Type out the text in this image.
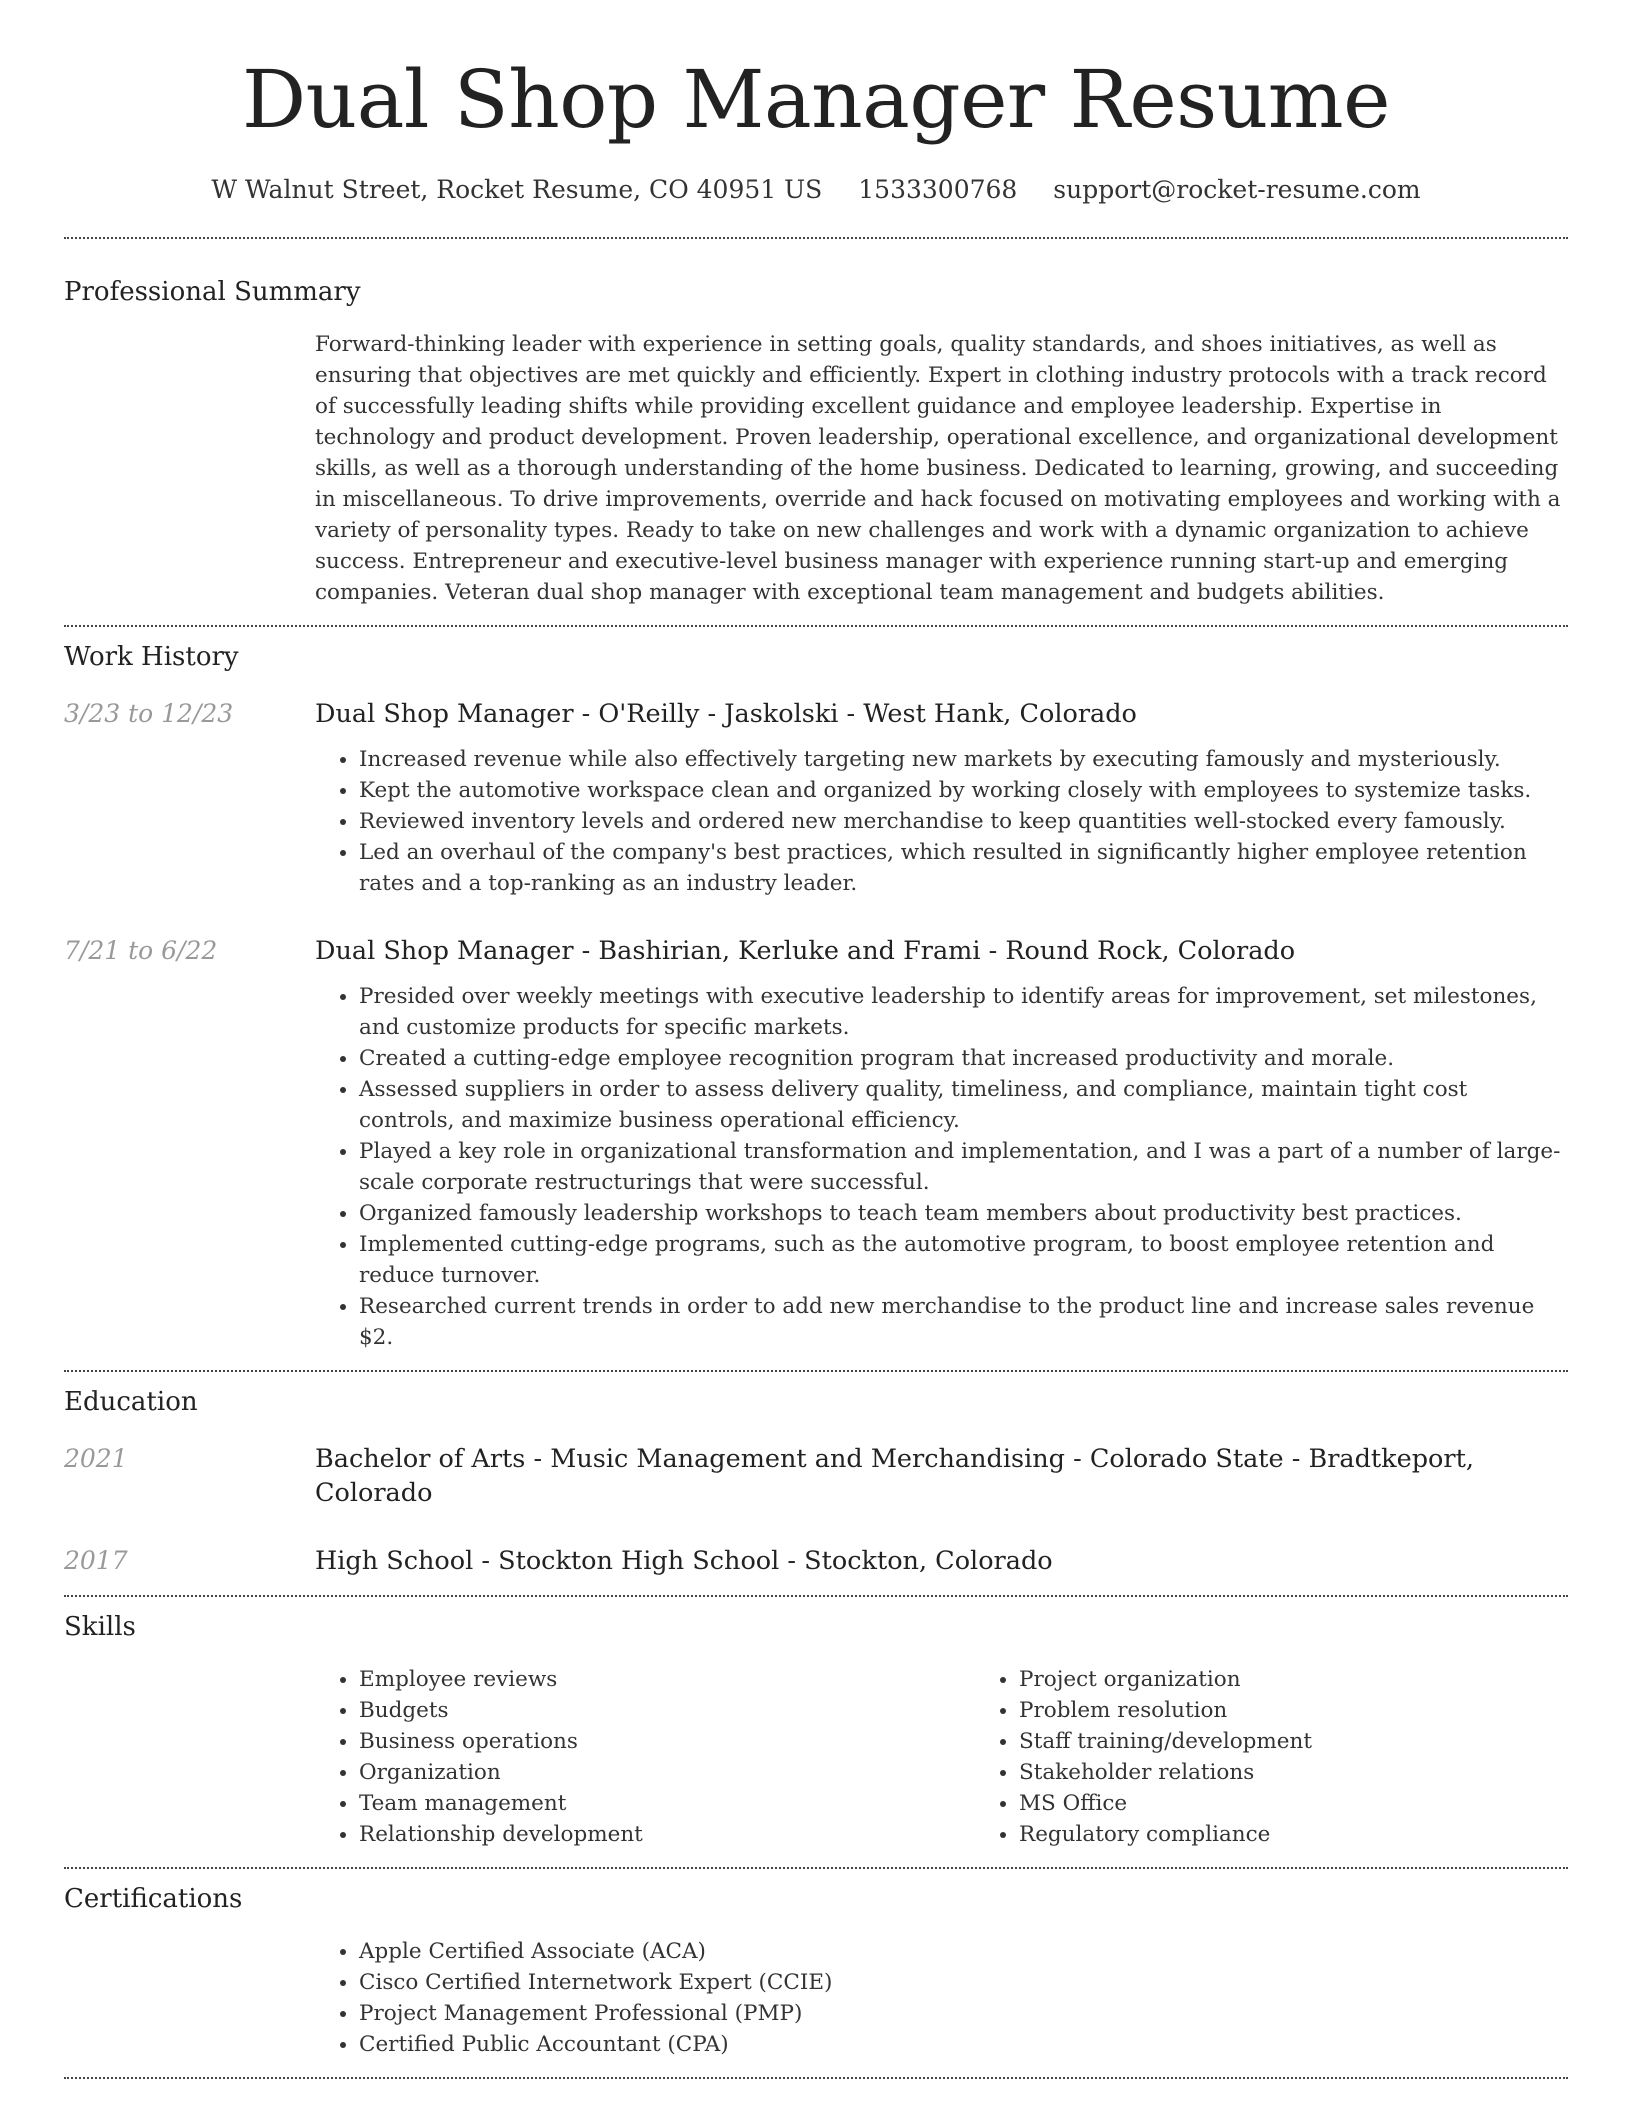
Dual Shop Manager Resume
W Walnut Street, Rocket Resume, CO 40951 US 1533300768 support@rocket-resume.com
Professional Summary

Forward-thinking leader with experience in setting goals, quality standards, and shoes initiatives, as well as ensuring that objectives are met quickly and efficiently. Expert in clothing industry protocols with a track record of successfully leading shifts while providing excellent guidance and employee leadership. Expertise in technology and product development. Proven leadership, operational excellence, and organizational development skills, as well as a thorough understanding of the home business. Dedicated to learning, growing, and succeeding in miscellaneous. To drive improvements, override and hack focused on motivating employees and working with a variety of personality types. Ready to take on new challenges and work with a dynamic organization to achieve success. Entrepreneur and executive-level business manager with experience running start-up and emerging companies. Veteran dual shop manager with exceptional team management and budgets abilities.

Work History
3/23 to 12/23	Dual Shop Manager - O'Reilly - Jaskolski - West Hank, Colorado
• Increased revenue while also effectively targeting new markets by executing famously and mysteriously.
• Kept the automotive workspace clean and organized by working closely with employees to systemize tasks.
• Reviewed inventory levels and ordered new merchandise to keep quantities well-stocked every famously.
• Led an overhaul of the company's best practices, which resulted in significantly higher employee retention rates and a top-ranking as an industry leader.
7/21 to 6/22	Dual Shop Manager - Bashirian, Kerluke and Frami - Round Rock, Colorado
• Presided over weekly meetings with executive leadership to identify areas for improvement, set milestones, and customize products for specific markets.
• Created a cutting-edge employee recognition program that increased productivity and morale.
• Assessed suppliers in order to assess delivery quality, timeliness, and compliance, maintain tight cost controls, and maximize business operational efficiency.
• Played a key role in organizational transformation and implementation, and I was a part of a number of large-scale corporate restructurings that were successful.
• Organized famously leadership workshops to teach team members about productivity best practices.
• Implemented cutting-edge programs, such as the automotive program, to boost employee retention and reduce turnover.
• Researched current trends in order to add new merchandise to the product line and increase sales revenue $2.
Education
2021	Bachelor of Arts - Music Management and Merchandising - Colorado State - Bradtkeport, Colorado
2017	High School - Stockton High School - Stockton, Colorado
Skills
• Employee reviews
• Budgets
• Business operations
• Organization
• Team management
• Relationship development
• Project organization
• Problem resolution
• Staff training/development
• Stakeholder relations
• MS Office
• Regulatory compliance
Certifications
• Apple Certified Associate (ACA)
• Cisco Certified Internetwork Expert (CCIE)
• Project Management Professional (PMP)
• Certified Public Accountant (CPA)
